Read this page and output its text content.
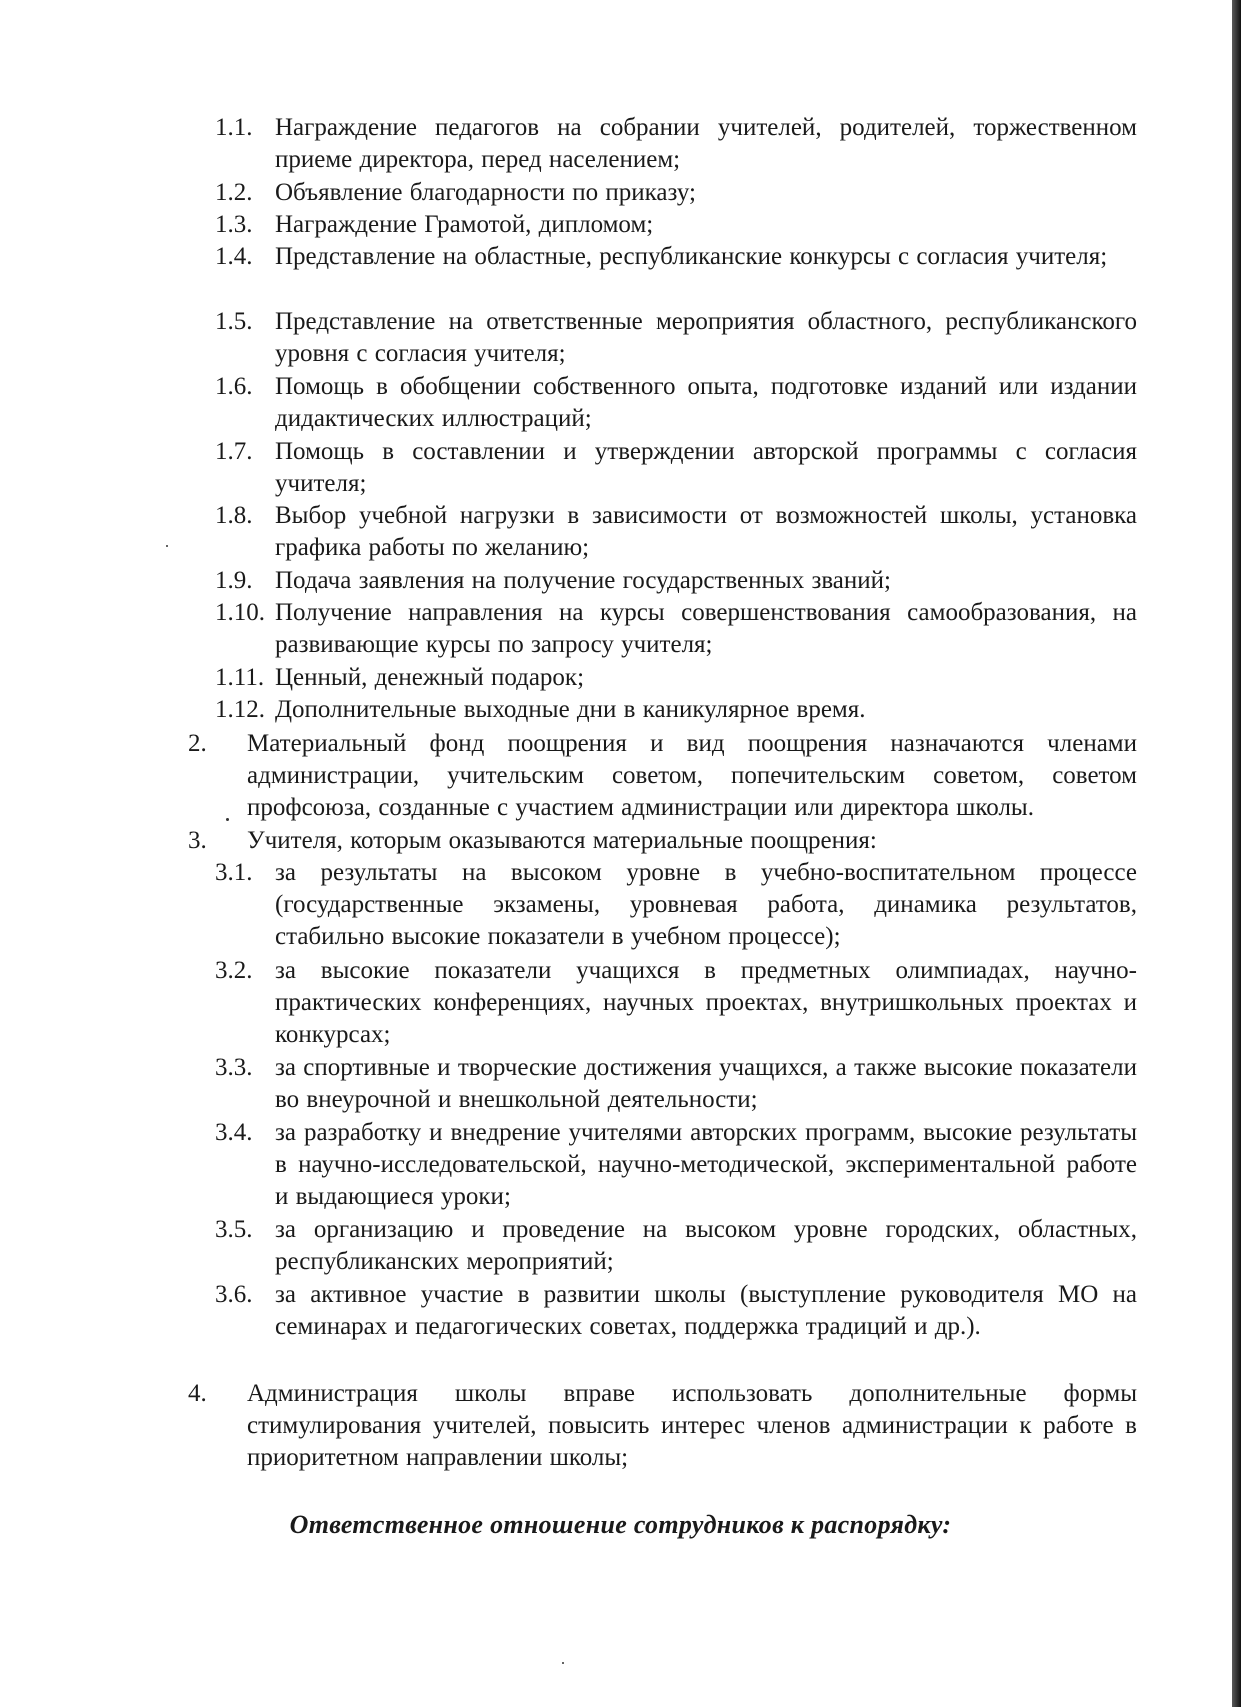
1.1. Награждение педагогов на собрании учителей, родителей, торжественном приеме директора, перед населением;
1.2. Объявление благодарности по приказу;
1.3. Награждение Грамотой, дипломом;
1.4. Представление на областные, республиканские конкурсы с согласия учителя;
1.5. Представление на ответственные мероприятия областного, республиканского уровня с согласия учителя;
1.6. Помощь в обобщении собственного опыта, подготовке изданий или издании дидактических иллюстраций;
1.7. Помощь в составлении и утверждении авторской программы с согласия учителя;
1.8. Выбор учебной нагрузки в зависимости от возможностей школы, установка графика работы по желанию;
1.9. Подача заявления на получение государственных званий;
1.10. Получение направления на курсы совершенствования самообразования, на развивающие курсы по запросу учителя;
1.11. Ценный, денежный подарок;
1.12. Дополнительные выходные дни в каникулярное время.
2. Материальный фонд поощрения и вид поощрения назначаются членами администрации, учительским советом, попечительским советом, советом профсоюза, созданные с участием администрации или директора школы.
3. Учителя, которым оказываются материальные поощрения:
3.1. за результаты на высоком уровне в учебно-воспитательном процессе (государственные экзамены, уровневая работа, динамика результатов, стабильно высокие показатели в учебном процессе);
3.2. за высокие показатели учащихся в предметных олимпиадах, научно-практических конференциях, научных проектах, внутришкольных проектах и конкурсах;
3.3. за спортивные и творческие достижения учащихся, а также высокие показатели во внеурочной и внешкольной деятельности;
3.4. за разработку и внедрение учителями авторских программ, высокие результаты в научно-исследовательской, научно-методической, экспериментальной работе и выдающиеся уроки;
3.5. за организацию и проведение на высоком уровне городских, областных, республиканских мероприятий;
3.6. за активное участие в развитии школы (выступление руководителя МО на семинарах и педагогических советах, поддержка традиций и др.).
4. Администрация школы вправе использовать дополнительные формы стимулирования учителей, повысить интерес членов администрации к работе в приоритетном направлении школы;
Ответственное отношение сотрудников к распорядку:
